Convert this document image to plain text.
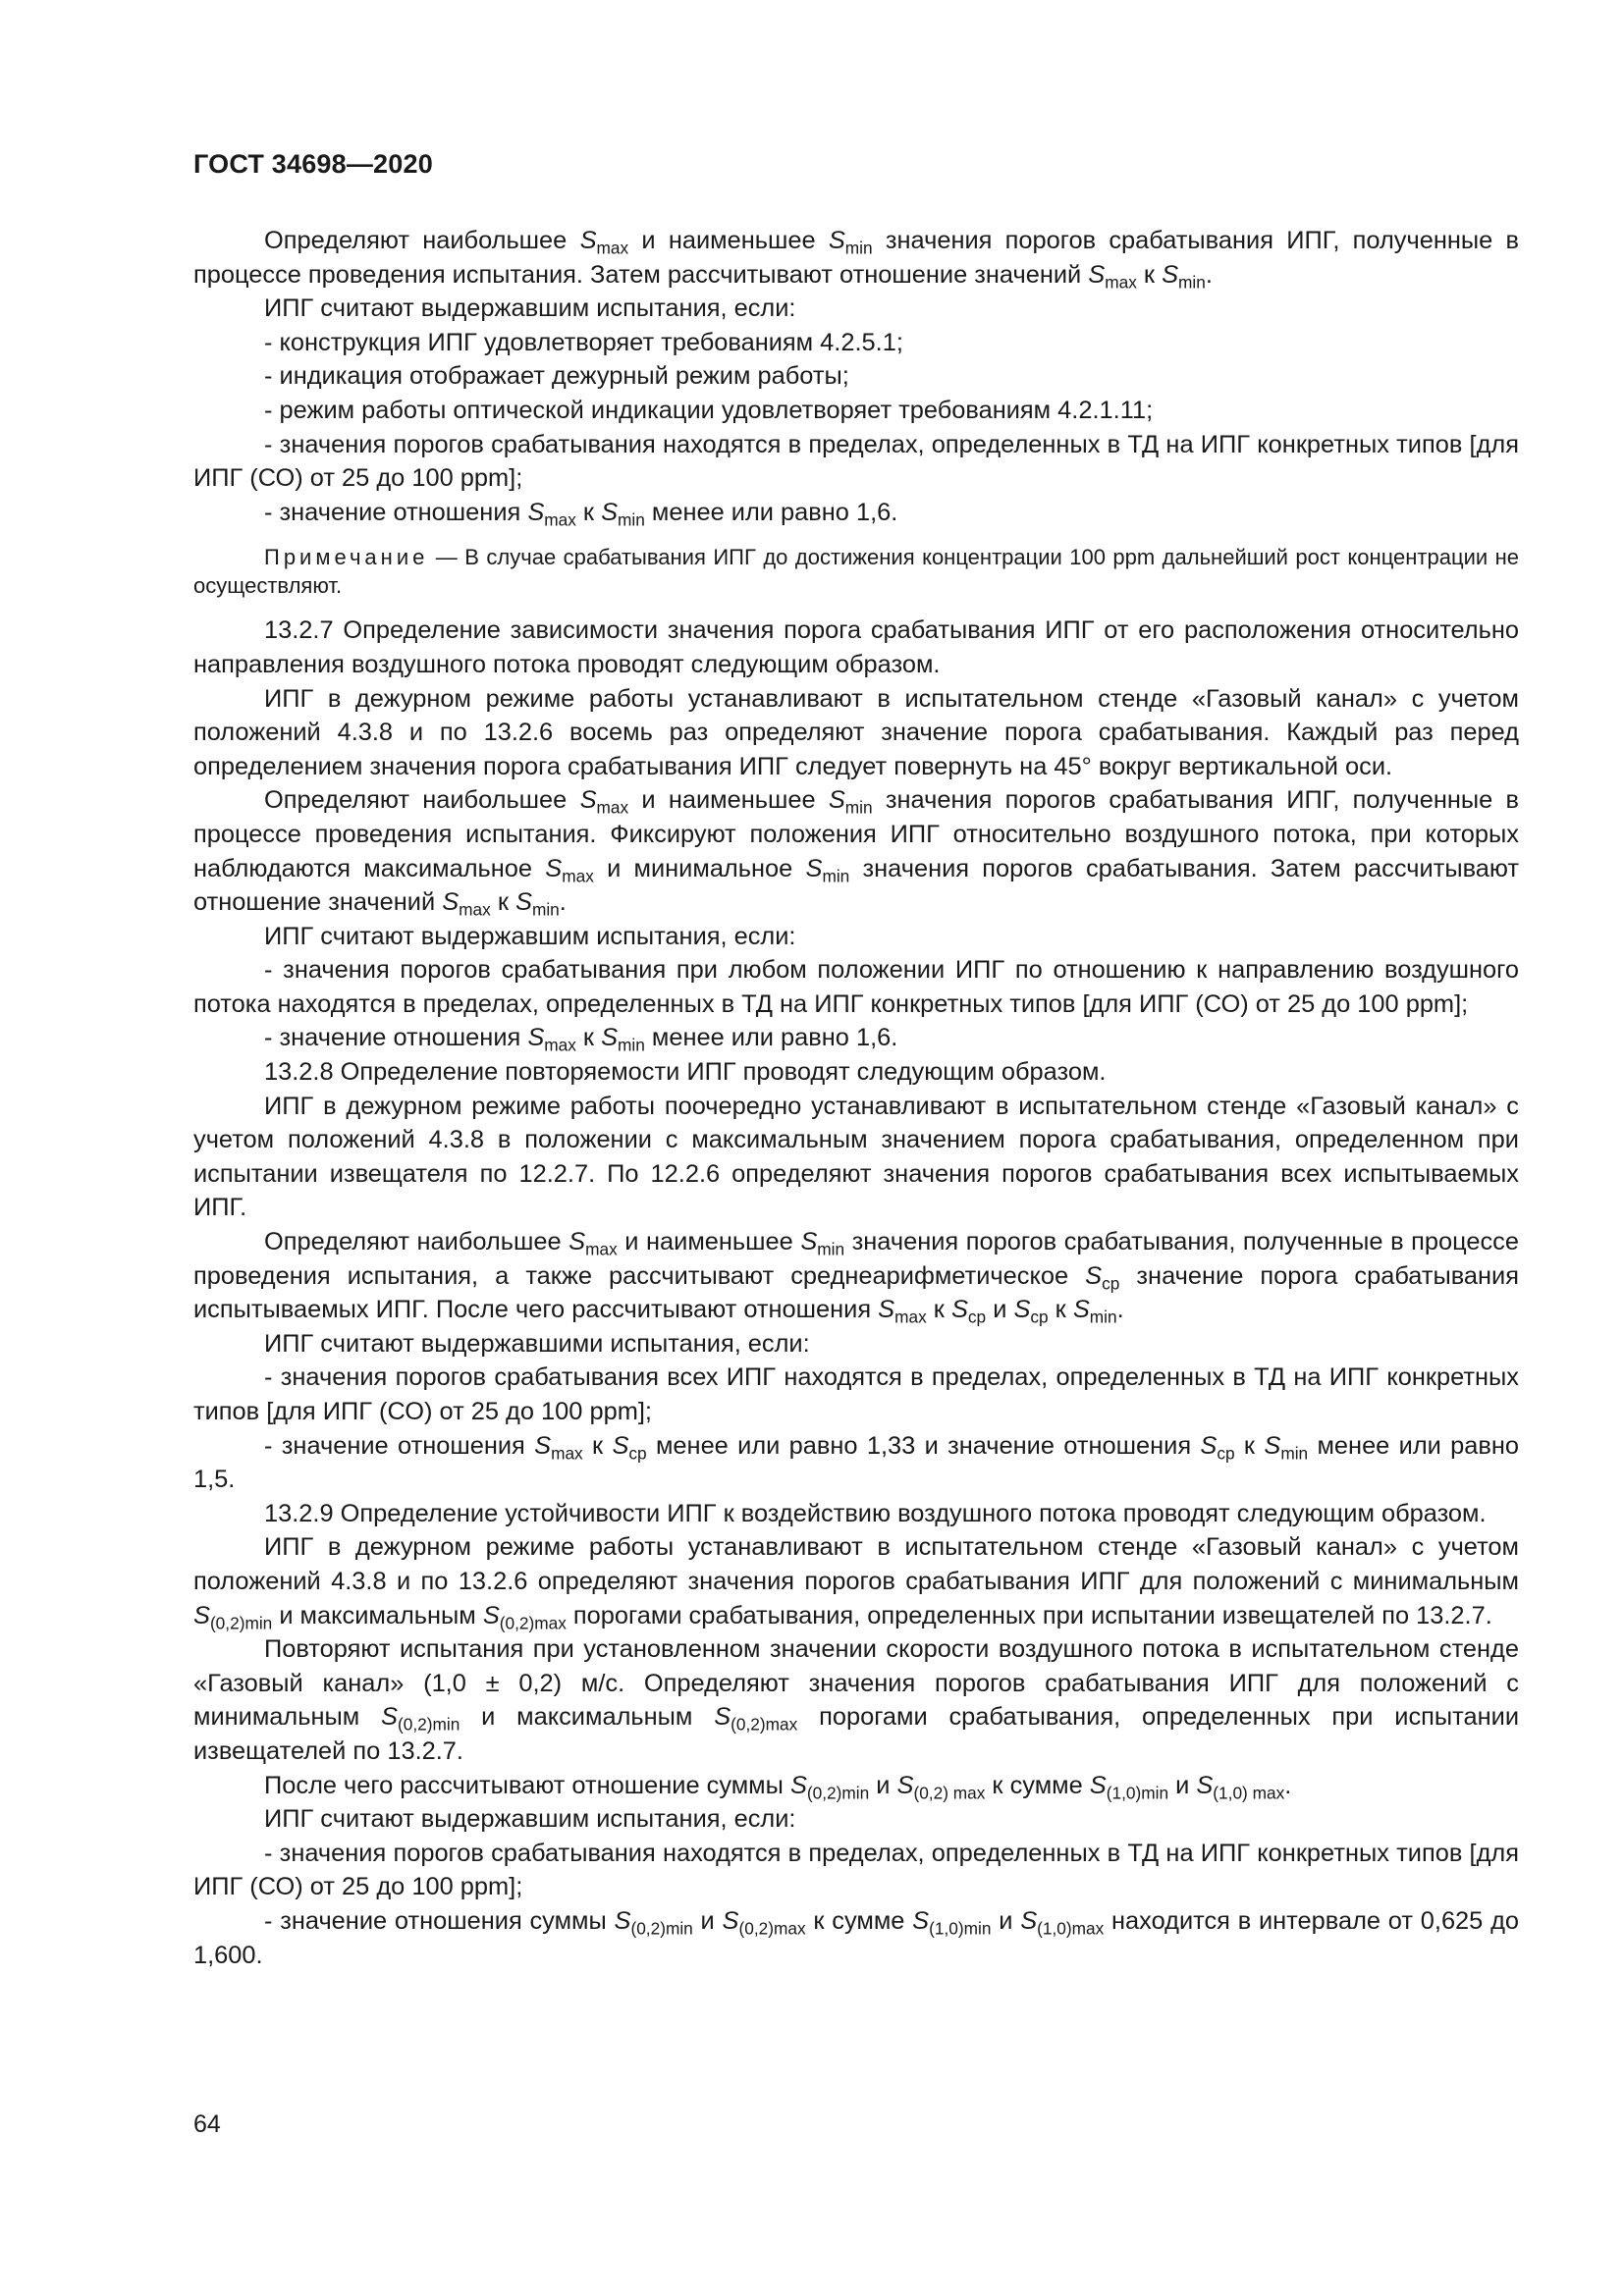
ГОСТ 34698—2020

Определяют наибольшее $S_{max}$ и наименьшее $S_{min}$ значения порогов срабатывания ИПГ, полученные в процессе проведения испытания. Затем рассчитывают отношение значений $S_{max}$ к $S_{min}$.

ИПГ считают выдержавшим испытания, если:

- конструкция ИПГ удовлетворяет требованиям 4.2.5.1;

- индикация отображает дежурный режим работы;

- режим работы оптической индикации удовлетворяет требованиям 4.2.1.11;

- значения порогов срабатывания находятся в пределах, определенных в ТД на ИПГ конкретных типов [для ИПГ (СО) от 25 до 100 ppm];

- значение отношения $S_{max}$ к $S_{min}$ менее или равно 1,6.

Примечание — В случае срабатывания ИПГ до достижения концентрации 100 ppm дальнейший рост концентрации не осуществляют.

13.2.7 Определение зависимости значения порога срабатывания ИПГ от его расположения относительно направления воздушного потока проводят следующим образом.

ИПГ в дежурном режиме работы устанавливают в испытательном стенде «Газовый канал» с учетом положений 4.3.8 и по 13.2.6 восемь раз определяют значение порога срабатывания. Каждый раз перед определением значения порога срабатывания ИПГ следует повернуть на 45° вокруг вертикальной оси.

Определяют наибольшее $S_{max}$ и наименьшее $S_{min}$ значения порогов срабатывания ИПГ, полученные в процессе проведения испытания. Фиксируют положения ИПГ относительно воздушного потока, при которых наблюдаются максимальное $S_{max}$ и минимальное $S_{min}$ значения порогов срабатывания. Затем рассчитывают отношение значений $S_{max}$ к $S_{min}$.

ИПГ считают выдержавшим испытания, если:

- значения порогов срабатывания при любом положении ИПГ по отношению к направлению воздушного потока находятся в пределах, определенных в ТД на ИПГ конкретных типов [для ИПГ (СО) от 25 до 100 ppm];

- значение отношения $S_{max}$ к $S_{min}$ менее или равно 1,6.

13.2.8 Определение повторяемости ИПГ проводят следующим образом.

ИПГ в дежурном режиме работы поочередно устанавливают в испытательном стенде «Газовый канал» с учетом положений 4.3.8 в положении с максимальным значением порога срабатывания, определенном при испытании извещателя по 12.2.7. По 12.2.6 определяют значения порогов срабатывания всех испытываемых ИПГ.

Определяют наибольшее $S_{max}$ и наименьшее $S_{min}$ значения порогов срабатывания, полученные в процессе проведения испытания, а также рассчитывают среднеарифметическое $S_{ср}$ значение порога срабатывания испытываемых ИПГ. После чего рассчитывают отношения $S_{max}$ к $S_{ср}$ и $S_{ср}$ к $S_{min}$.

ИПГ считают выдержавшими испытания, если:

- значения порогов срабатывания всех ИПГ находятся в пределах, определенных в ТД на ИПГ конкретных типов [для ИПГ (СО) от 25 до 100 ppm];

- значение отношения $S_{max}$ к $S_{ср}$ менее или равно 1,33 и значение отношения $S_{ср}$ к $S_{min}$ менее или равно 1,5.

13.2.9 Определение устойчивости ИПГ к воздействию воздушного потока проводят следующим образом.

ИПГ в дежурном режиме работы устанавливают в испытательном стенде «Газовый канал» с учетом положений 4.3.8 и по 13.2.6 определяют значения порогов срабатывания ИПГ для положений с минимальным $S_{(0,2)min}$ и максимальным $S_{(0,2)max}$ порогами срабатывания, определенных при испытании извещателей по 13.2.7.

Повторяют испытания при установленном значении скорости воздушного потока в испытательном стенде «Газовый канал» (1,0 ± 0,2) м/с. Определяют значения порогов срабатывания ИПГ для положений с минимальным $S_{(0,2)min}$ и максимальным $S_{(0,2)max}$ порогами срабатывания, определенных при испытании извещателей по 13.2.7.

После чего рассчитывают отношение суммы $S_{(0,2)min}$ и $S_{(0,2) max}$ к сумме $S_{(1,0)min}$ и $S_{(1,0) max}$.

ИПГ считают выдержавшим испытания, если:

- значения порогов срабатывания находятся в пределах, определенных в ТД на ИПГ конкретных типов [для ИПГ (СО) от 25 до 100 ppm];

- значение отношения суммы $S_{(0,2)min}$ и $S_{(0,2)max}$ к сумме $S_{(1,0)min}$ и $S_{(1,0)max}$ находится в интервале от 0,625 до 1,600.

64
